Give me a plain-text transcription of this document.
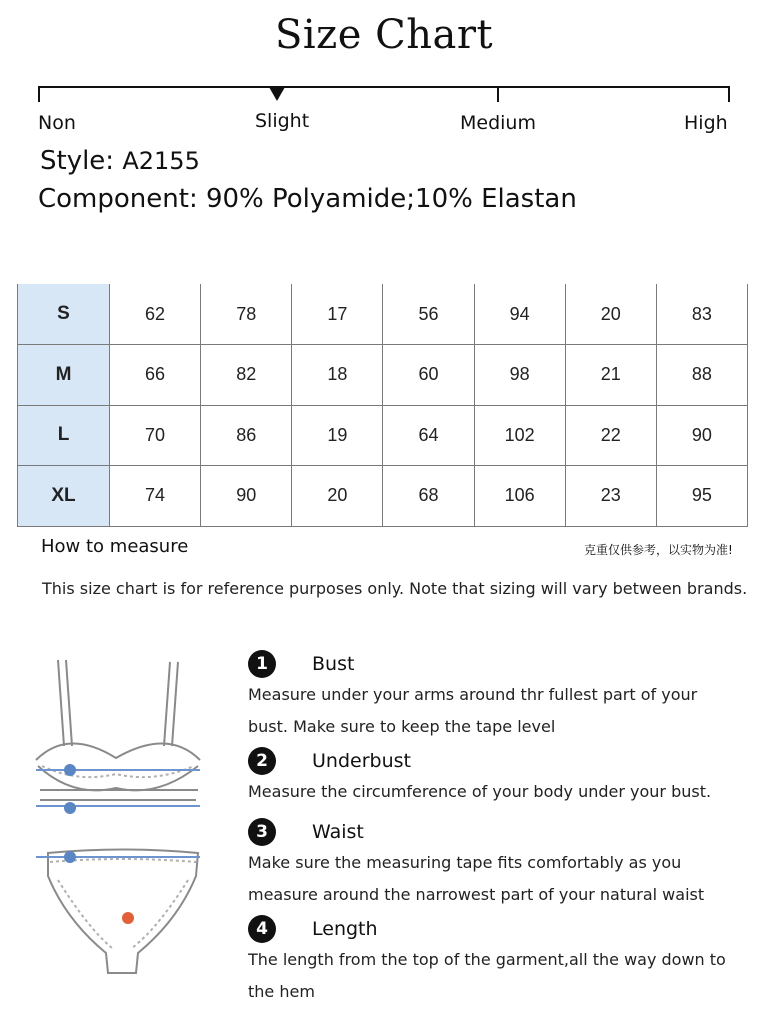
Size Chart
Non	Slight	Medium	High
Style: A2155
Component: 90% Polyamide;10% Elastan
S	62	78	17	56	94	20	83
M	66	82	18	60	98	21	88
L	70	86	19	64	102	22	90
XL	74	90	20	68	106	23	95
How to measure	克重仅供参考，以实物为准!
This size chart is for reference purposes only. Note that sizing will vary between brands.
1	Bust
Measure under your arms around thr fullest part of your bust. Make sure to keep the tape level
2	Underbust
Measure the circumference of your body under your bust.
3	Waist
Make sure the measuring tape fits comfortably as you measure around the narrowest part of your natural waist
4	Length
The length from the top of the garment,all the way down to the hem
